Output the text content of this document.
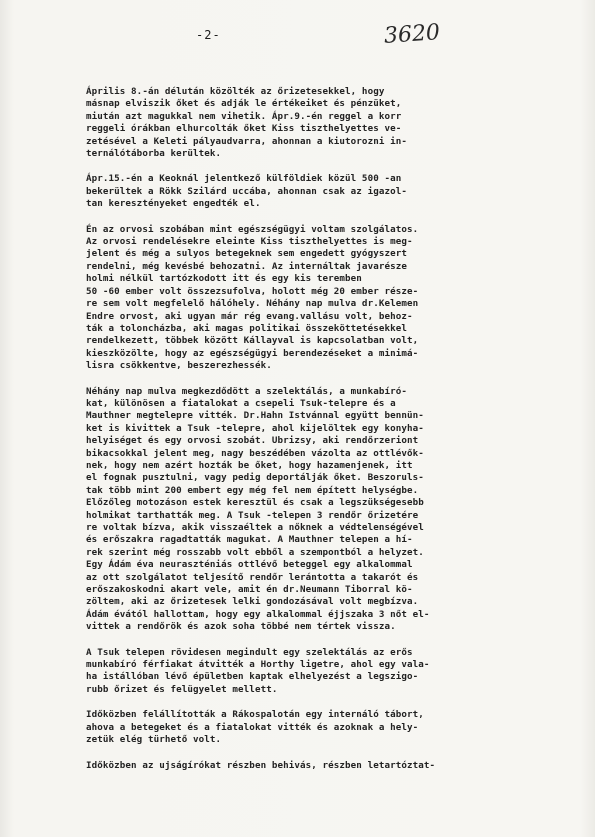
-2-	3620

Április 8.-án délután közölték az őrizetesekkel, hogy
másnap elviszik őket és adják le értékeiket és pénzüket,
miután azt magukkal nem vihetik. Ápr.9.-én reggel a korr
reggeli órákban elhurcolták őket Kiss tiszthelyettes ve-
zetésével a Keleti pályaudvarra, ahonnan a kiutorozni in-
ternálótáborba kerültek.

Ápr.15.-én a Keoknál jelentkező külföldiek közül 500 -an
bekerültek a Rökk Szilárd uccába, ahonnan csak az igazol-
tan keresztényeket engedték el.

Én az orvosi szobában mint egészségügyi voltam szolgálatos.
Az orvosi rendelésekre eleinte Kiss tiszthelyettes is meg-
jelent és még a sulyos betegeknek sem engedett gyógyszert
rendelni, még kevésbé behozatni. Az internáltak javarésze
holmi nélkül tartózkodott itt és egy kis teremben
50 -60 ember volt összezsufolva, holott még 20 ember része-
re sem volt megfelelő hálóhely. Néhány nap mulva dr.Kelemen
Endre orvost, aki ugyan már rég evang.vallásu volt, behoz-
ták a toloncházba, aki magas politikai összeköttetésekkel
rendelkezett, többek között Kállayval is kapcsolatban volt,
kieszközölte, hogy az egészségügyi berendezéseket a minimá-
lisra csökkentve, beszerezhessék.

Néhány nap mulva megkezdődött a szelektálás, a munkabíró-
kat, különösen a fiatalokat a csepeli Tsuk-telepre és a
Mauthner megtelepre vitték. Dr.Hahn Istvánnal együtt bennün-
ket is kivittek a Tsuk -telepre, ahol kijelöltek egy konyha-
helyiséget és egy orvosi szobát. Ubrizsy, aki rendőrzeriont
bikacsokkal jelent meg, nagy beszédében vázolta az ottlévők-
nek, hogy nem azért hozták be őket, hogy hazamenjenek, itt
el fognak pusztulni, vagy pedig deportálják őket. Beszoruls-
tak több mint 200 embert egy még fel nem épített helységbe.
Előzőleg motozáson estek keresztül és csak a legszükségesebb
holmikat tarthatták meg. A Tsuk -telepen 3 rendőr őrizetére
re voltak bízva, akik visszaéltek a nőknek a védtelenségével
és erőszakra ragadtatták magukat. A Mauthner telepen a hí-
rek szerint még rosszabb volt ebből a szempontból a helyzet.
Egy Ádám éva neuraszténiás ottlévő beteggel egy alkalommal
az ott szolgálatot teljesítő rendőr lerántotta a takarót és
erőszakoskodni akart vele, amit én dr.Neumann Tiborral kö-
zöltem, aki az őrizetesek lelki gondozásával volt megbízva.
Ádám évától hallottam, hogy egy alkalommal éjjszaka 3 nőt el-
vittek a rendőrök és azok soha többé nem tértek vissza.

A Tsuk telepen rövidesen megindult egy szelektálás az erős
munkabíró férfiakat átvitték a Horthy ligetre, ahol egy vala-
ha istállóban lévő épületben kaptak elhelyezést a legszigo-
rubb őrizet és felügyelet mellett.

Időközben felállították a Rákospalotán egy internáló tábort,
ahova a betegeket és a fiatalokat vitték és azoknak a hely-
zetük elég türhető volt.

Időközben az ujságírókat részben behivás, részben letartóztat-
